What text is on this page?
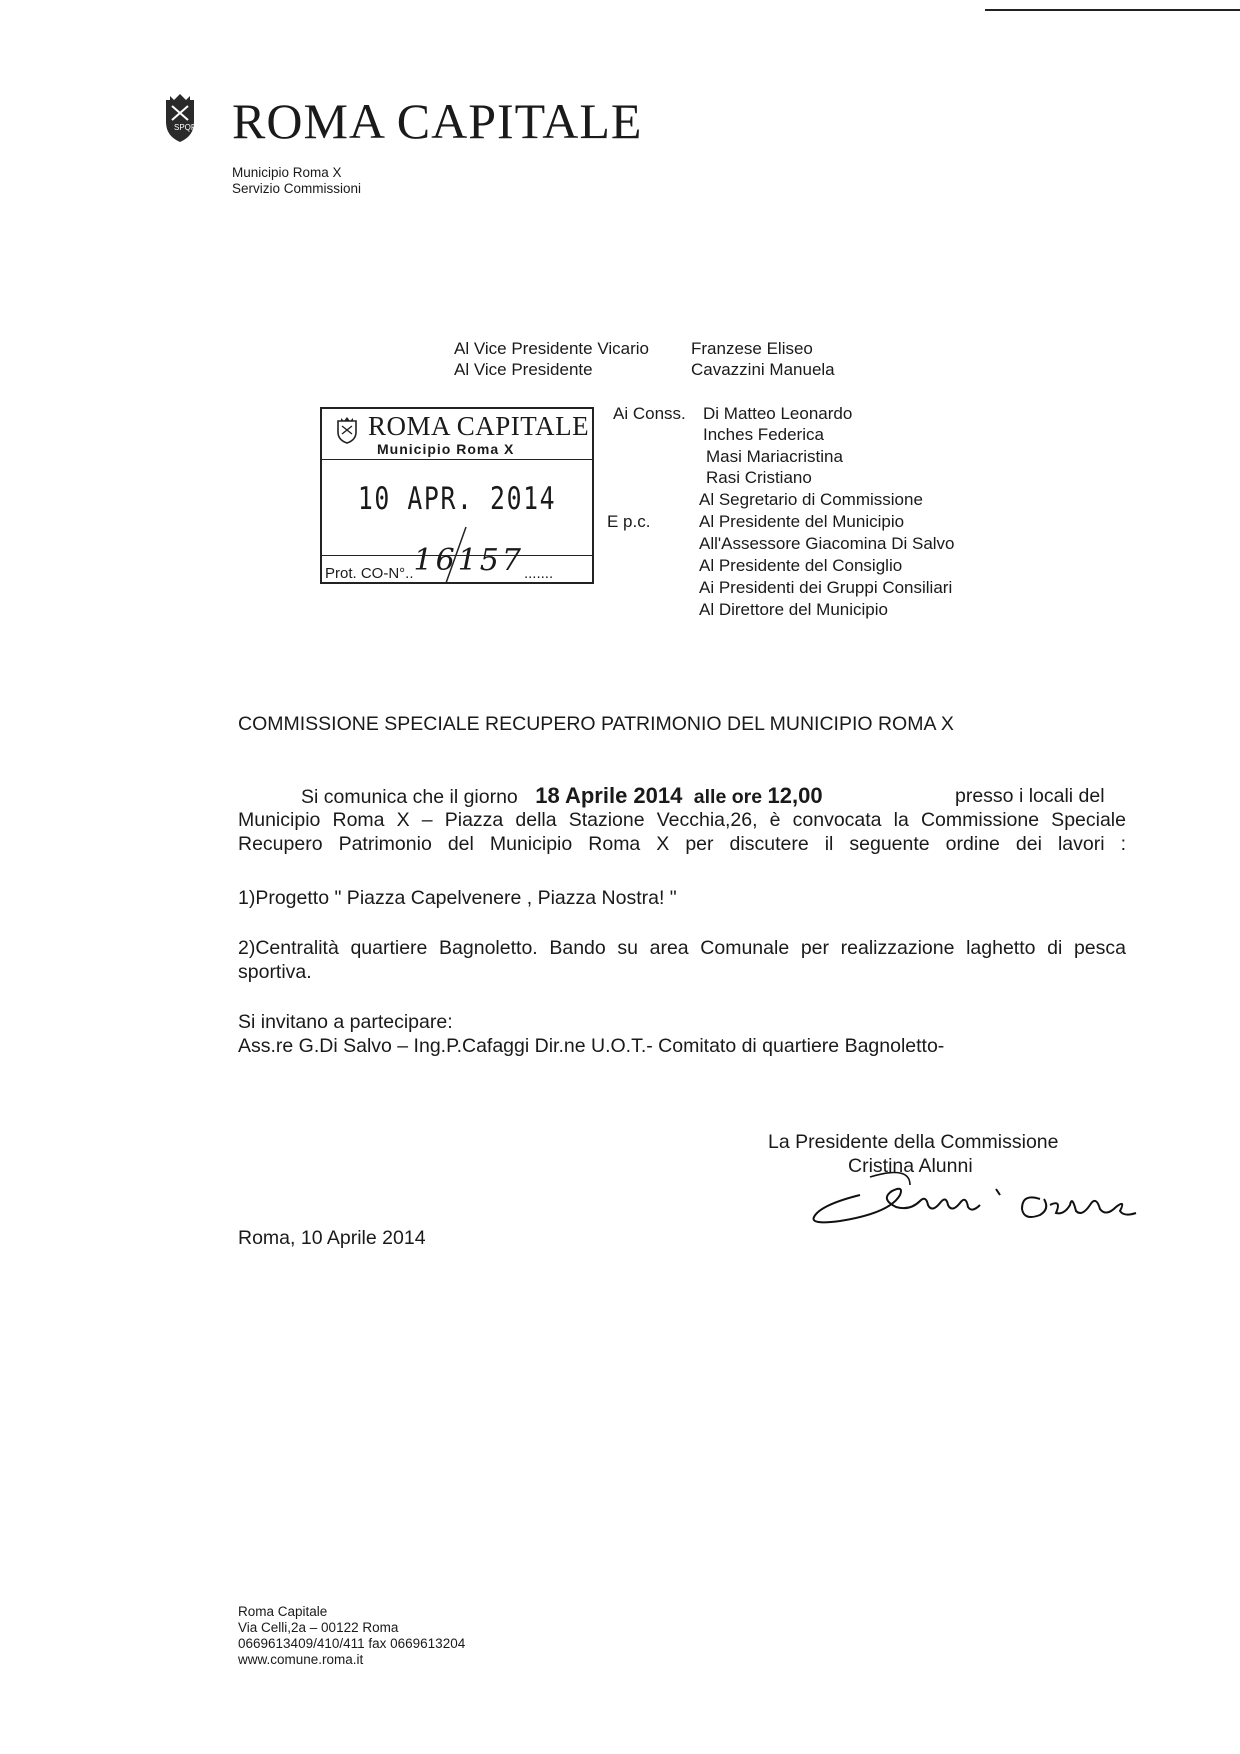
SPQR ROMA CAPITALE
Municipio Roma X
Servizio Commissioni
Al Vice Presidente Vicario Franzese Eliseo
Al Vice Presidente	Cavazzini Manuela
Ai Conss. Di Matteo Leonardo
Inches Federica
Masi Mariacristina
Rasi Cristiano
Al Segretario di Commissione
E p.c.	Al Presidente del Municipio
All'Assessore Giacomina Di Salvo
Al Presidente del Consiglio
Ai Presidenti dei Gruppi Consiliari
Al Direttore del Municipio
ROMA CAPITALE
Municipio Roma X
10 APR. 2014
Prot. CO-N°..16157.......
COMMISSIONE SPECIALE RECUPERO PATRIMONIO DEL MUNICIPIO ROMA X
Si comunica che il giorno 18 Aprile 2014 alle ore 12,00	presso i locali del
Municipio Roma X – Piazza della Stazione Vecchia,26, è convocata la Commissione Speciale
Recupero Patrimonio del Municipio Roma X per discutere il seguente ordine dei lavori :
1)Progetto " Piazza Capelvenere , Piazza Nostra! "
2)Centralità quartiere Bagnoletto. Bando su area Comunale per realizzazione laghetto di pesca
sportiva.
Si invitano a partecipare:
Ass.re G.Di Salvo – Ing.P.Cafaggi Dir.ne U.O.T.- Comitato di quartiere Bagnoletto-
La Presidente della Commissione
Cristina Alunni
Roma, 10 Aprile 2014
Roma Capitale
Via Celli,2a – 00122 Roma
0669613409/410/411 fax 0669613204
www.comune.roma.it
